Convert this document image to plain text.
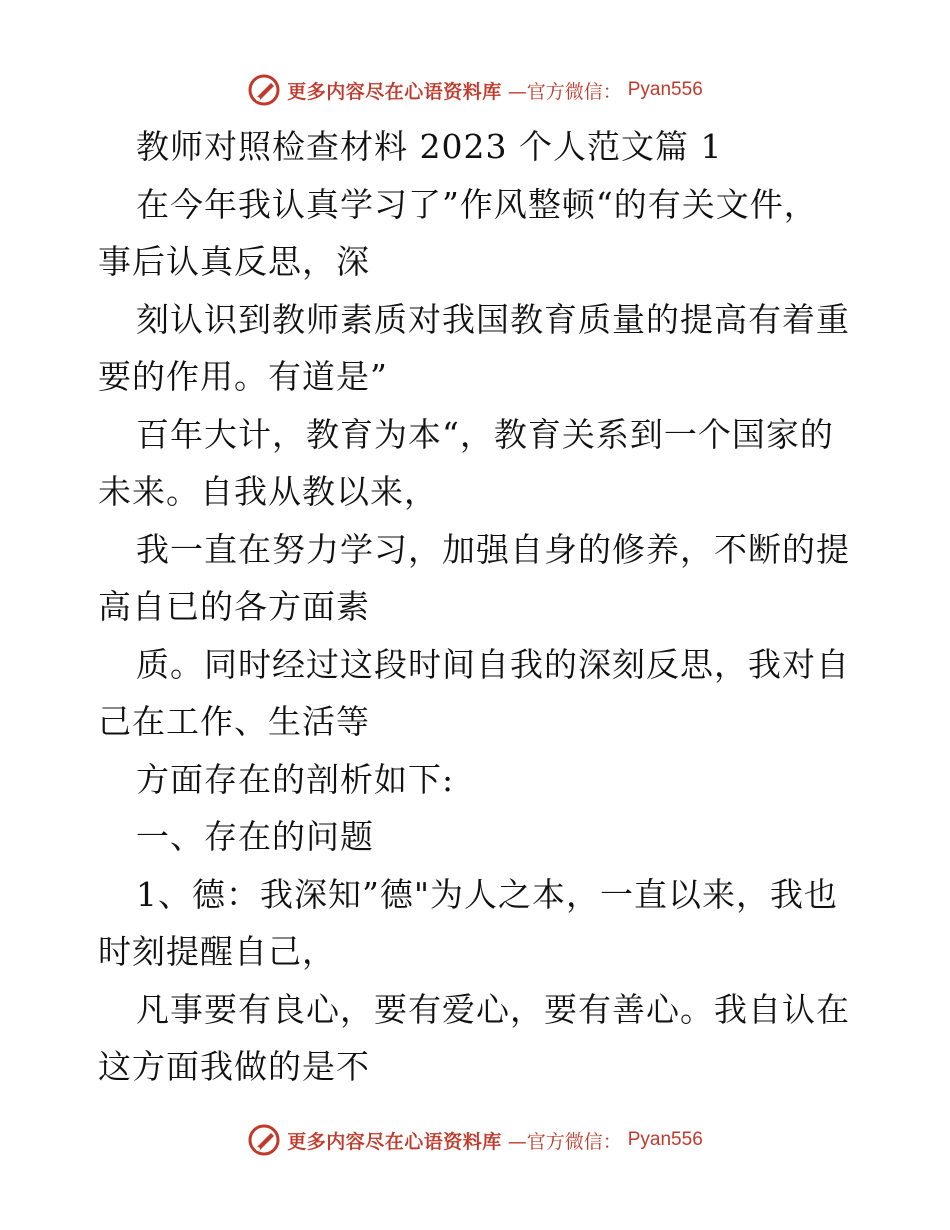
更多内容尽在心语资料库 —官方微信： Pyan556
教师对照检查材料 2023 个人范文篇 1
在今年我认真学习了”作风整顿“的有关文件，
事后认真反思，深
刻认识到教师素质对我国教育质量的提高有着重
要的作用。有道是”
百年大计，教育为本“，教育关系到一个国家的
未来。自我从教以来，
我一直在努力学习，加强自身的修养，不断的提
高自已的各方面素
质。同时经过这段时间自我的深刻反思，我对自
己在工作、生活等
方面存在的剖析如下:
一、存在的问题
1、德：我深知”德"为人之本，一直以来，我也
时刻提醒自己，
凡事要有良心，要有爱心，要有善心。我自认在
这方面我做的是不
更多内容尽在心语资料库 —官方微信： Pyan556
